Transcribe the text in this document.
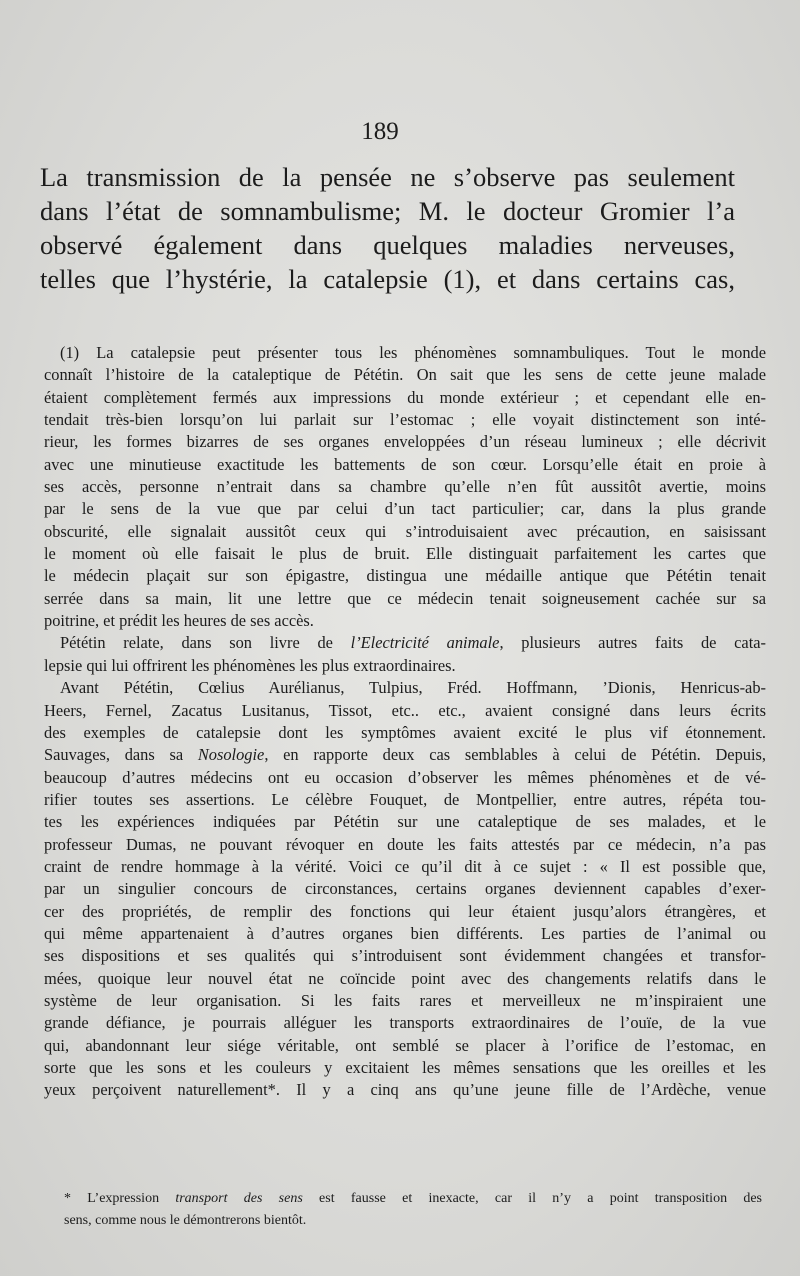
189
La transmission de la pensée ne s’observe pas seulement
dans l’état de somnambulisme; M. le docteur Gromier l’a
observé également dans quelques maladies nerveuses,
telles que l’hystérie, la catalepsie (1), et dans certains cas,
(1) La catalepsie peut présenter tous les phénomènes somnambuliques. Tout le monde
connaît l’histoire de la cataleptique de Pététin. On sait que les sens de cette jeune malade
étaient complètement fermés aux impressions du monde extérieur ; et cependant elle en-
tendait très-bien lorsqu’on lui parlait sur l’estomac ; elle voyait distinctement son inté-
rieur, les formes bizarres de ses organes enveloppées d’un réseau lumineux ; elle décrivit
avec une minutieuse exactitude les battements de son cœur. Lorsqu’elle était en proie à
ses accès, personne n’entrait dans sa chambre qu’elle n’en fût aussitôt avertie, moins
par le sens de la vue que par celui d’un tact particulier; car, dans la plus grande
obscurité, elle signalait aussitôt ceux qui s’introduisaient avec précaution, en saisissant
le moment où elle faisait le plus de bruit. Elle distinguait parfaitement les cartes que
le médecin plaçait sur son épigastre, distingua une médaille antique que Pététin tenait
serrée dans sa main, lit une lettre que ce médecin tenait soigneusement cachée sur sa
poitrine, et prédit les heures de ses accès.
Pététin relate, dans son livre de l’Electricité animale, plusieurs autres faits de cata-
lepsie qui lui offrirent les phénomènes les plus extraordinaires.
Avant Pététin, Cœlius Aurélianus, Tulpius, Fréd. Hoffmann, ’Dionis, Henricus-ab-
Heers, Fernel, Zacatus Lusitanus, Tissot, etc.. etc., avaient consigné dans leurs écrits
des exemples de catalepsie dont les symptômes avaient excité le plus vif étonnement.
Sauvages, dans sa Nosologie, en rapporte deux cas semblables à celui de Pététin. Depuis,
beaucoup d’autres médecins ont eu occasion d’observer les mêmes phénomènes et de vé-
rifier toutes ses assertions. Le célèbre Fouquet, de Montpellier, entre autres, répéta tou-
tes les expériences indiquées par Pététin sur une cataleptique de ses malades, et le
professeur Dumas, ne pouvant révoquer en doute les faits attestés par ce médecin, n’a pas
craint de rendre hommage à la vérité. Voici ce qu’il dit à ce sujet : « Il est possible que,
par un singulier concours de circonstances, certains organes deviennent capables d’exer-
cer des propriétés, de remplir des fonctions qui leur étaient jusqu’alors étrangères, et
qui même appartenaient à d’autres organes bien différents. Les parties de l’animal ou
ses dispositions et ses qualités qui s’introduisent sont évidemment changées et transfor-
mées, quoique leur nouvel état ne coïncide point avec des changements relatifs dans le
système de leur organisation. Si les faits rares et merveilleux ne m’inspiraient une
grande défiance, je pourrais alléguer les transports extraordinaires de l’ouïe, de la vue
qui, abandonnant leur siége véritable, ont semblé se placer à l’orifice de l’estomac, en
sorte que les sons et les couleurs y excitaient les mêmes sensations que les oreilles et les
yeux perçoivent naturellement*. Il y a cinq ans qu’une jeune fille de l’Ardèche, venue
* L’expression transport des sens est fausse et inexacte, car il n’y a point transposition des
sens, comme nous le démontrerons bientôt.
